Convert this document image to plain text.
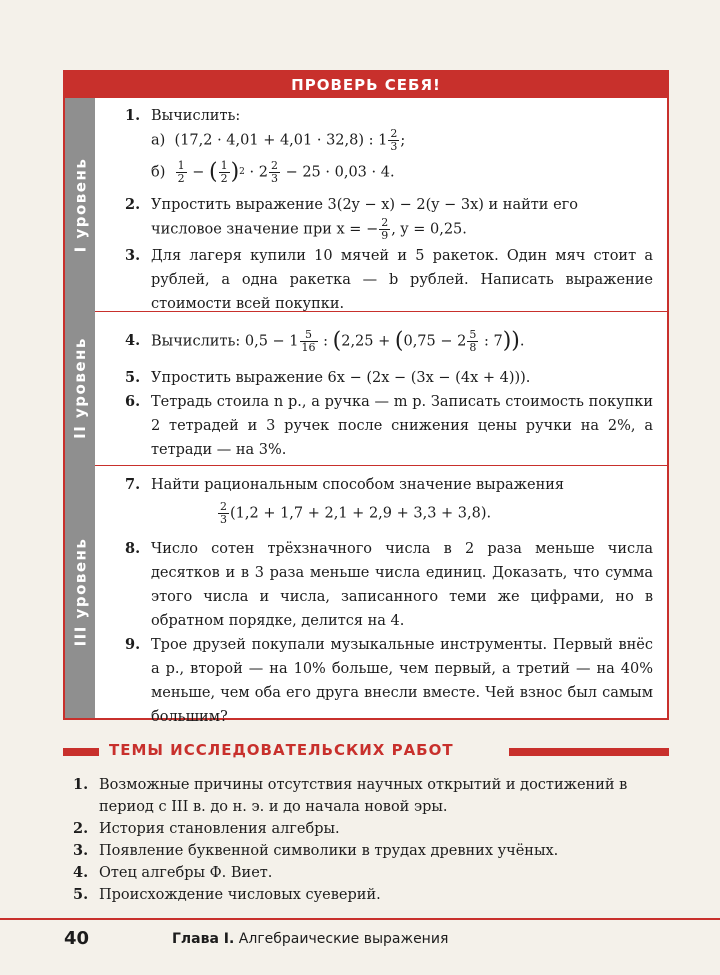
ПРОВЕРЬ СЕБЯ!
I уровень
1. Вычислить:
а) (17,2 · 4,01 + 4,01 · 32,8) : $1 \frac{2}{3}$ ;
$б) \frac{1}{2}$ − ( $\frac{1}{2} )^2 \cdot 2 \frac{2}{3} - 25 \cdot 0,03 \cdot 4$.
2. Упростить выражение 3(2y − x) − 2(y − 3x) и найти его
числовое значение при x = − $\frac{2}{9}$ , y = 0,25.
3. Для лагеря купили 10 мячей и 5 ракеток. Один мяч стоит a рублей, а одна ракетка — b рублей. Написать выражение стоимости всей покупки.
II уровень 4. Вычислить: $0,5 - 1 \frac{5}{16}$ : ($2,25 + (0,75 - 2 \frac{5}{8}$ : 7)).
5. Упростить выражение 6x − (2x − (3x − (4x + 4))).
6. Тетрадь стоила n р., а ручка — m р. Записать стоимость покупки 2 тетрадей и 3 ручек после снижения цены ручки на 2%, а тетради — на 3%.
III уровень
7. Найти рациональным способом значение выражения
$\frac{2}{3} (1,2 + 1,7 + 2,1 + 2,9 + 3,3 + 3,8)$.
8. Число сотен трёхзначного числа в 2 раза меньше числа десятков и в 3 раза меньше числа единиц. Доказать, что сумма этого числа и числа, записанного теми же цифрами, но в обратном порядке, делится на 4.
9. Трое друзей покупали музыкальные инструменты. Первый внёс a р., второй — на 10% больше, чем первый, а третий — на 40% меньше, чем оба его друга внесли вместе. Чей взнос был самым большим?
ТЕМЫ ИССЛЕДОВАТЕЛЬСКИХ РАБОТ
1. Возможные причины отсутствия научных открытий и достижений в период с III в. до н. э. и до начала новой эры.
2. История становления алгебры.
3. Появление буквенной символики в трудах древних учёных.
4. Отец алгебры Ф. Виет.
5. Происхождение числовых суеверий.
40	Глава I. Алгебраические выражения
